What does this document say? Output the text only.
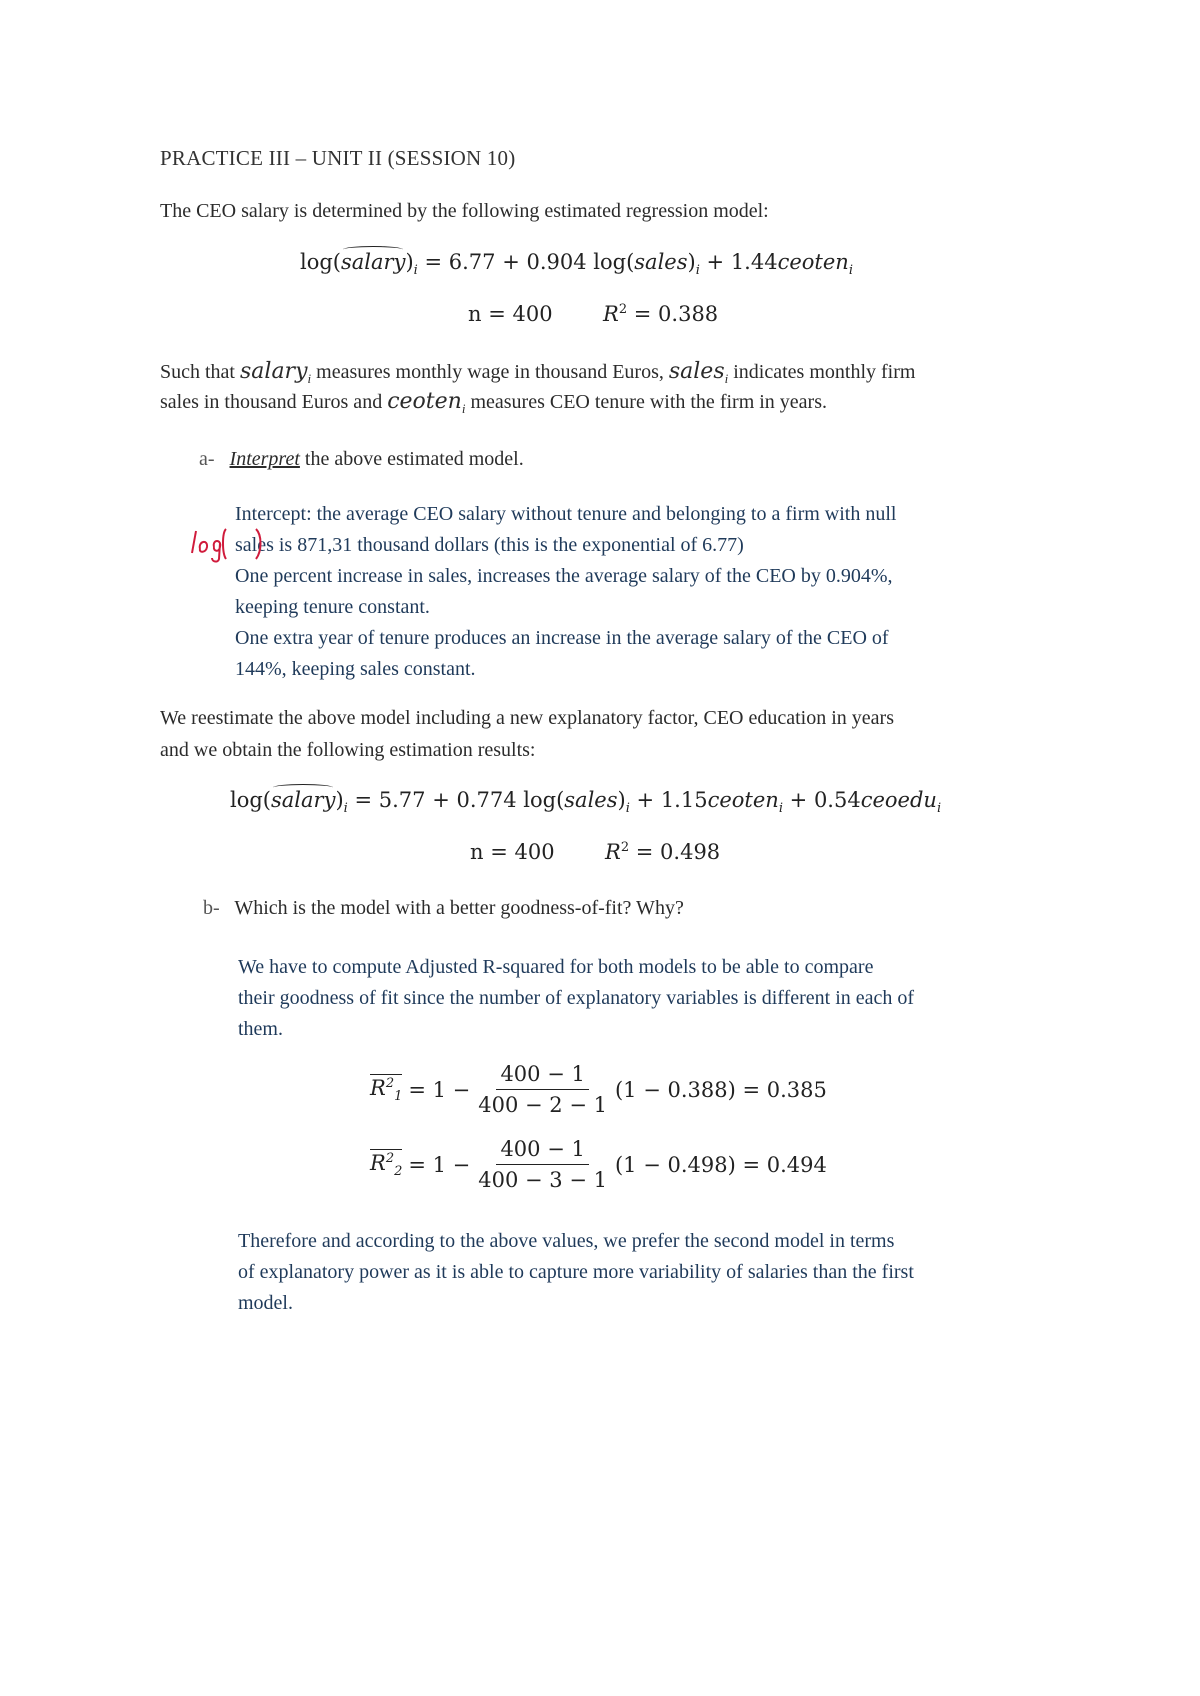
PRACTICE III – UNIT II (SESSION 10)
The CEO salary is determined by the following estimated regression model:
$\log(salary)_i = 6.77 + 0.904$ $\log(sales)_i$ + 1.44ceoten$_i$
n = 400 $R^2 = 0.388$
Such that salary$_i$ measures monthly wage in thousand Euros, sales$_i$ indicates monthly firm
sales in thousand Euros and ceoten$_i$ measures CEO tenure with the firm in years.
a- Interpret the above estimated model.
Intercept: the average CEO salary without tenure and belonging to a firm with null
sales is 871,31 thousand dollars (this is the exponential of 6.77)
One percent increase in sales, increases the average salary of the CEO by 0.904%,
keeping tenure constant.
One extra year of tenure produces an increase in the average salary of the CEO of
144%, keeping sales constant.
We reestimate the above model including a new explanatory factor, CEO education in years
and we obtain the following estimation results:
$\log(salary)_i = 5.77 + 0.774$ $\log(sales)_i$ + 1.15ceoten$_i$ + 0.54ceoedu$_i$
n = 400 $R^2 = 0.498$
b- Which is the model with a better goodness-of-fit? Why?
We have to compute Adjusted R-squared for both models to be able to compare
their goodness of fit since the number of explanatory variables is different in each of
them.
$R^2_1 = 1 - \frac{400 - 1}{400 - 2 - 1} (1 - 0.388) = 0.385$
$R^2_2 = 1 - \frac{400 - 1}{400 - 3 - 1} (1 - 0.498) = 0.494$
Therefore and according to the above values, we prefer the second model in terms
of explanatory power as it is able to capture more variability of salaries than the first
model.
